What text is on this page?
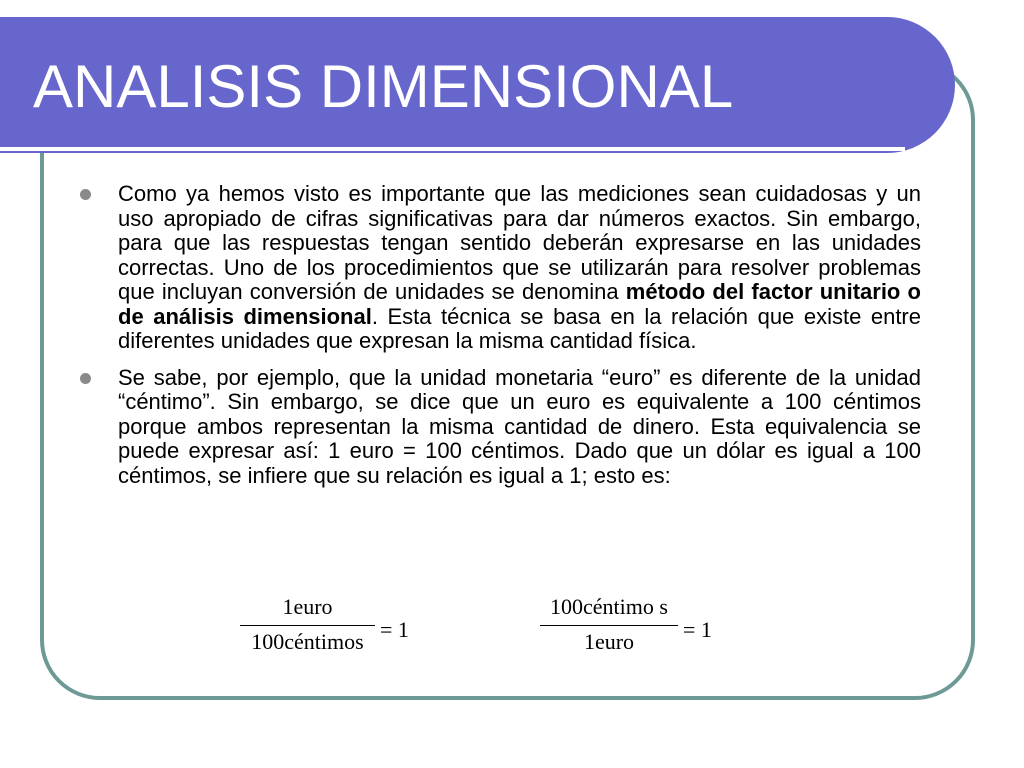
ANALISIS DIMENSIONAL
Como ya hemos visto es importante que las mediciones sean cuidadosas y un uso apropiado de cifras significativas para dar números exactos. Sin embargo, para que las respuestas tengan sentido deberán expresarse en las unidades correctas. Uno de los procedimientos que se utilizarán para resolver problemas que incluyan conversión de unidades se denomina método del factor unitario o de análisis dimensional. Esta técnica se basa en la relación que existe entre diferentes unidades que expresan la misma cantidad física.
Se sabe, por ejemplo, que la unidad monetaria “euro” es diferente de la unidad “céntimo”. Sin embargo, se dice que un euro es equivalente a 100 céntimos porque ambos representan la misma cantidad de dinero. Esta equivalencia se puede expresar así: 1 euro = 100 céntimos. Dado que un dólar es igual a 100 céntimos, se infiere que su relación es igual a 1; esto es:
1euro
100céntimos = 1
100céntimo s
1euro	= 1
